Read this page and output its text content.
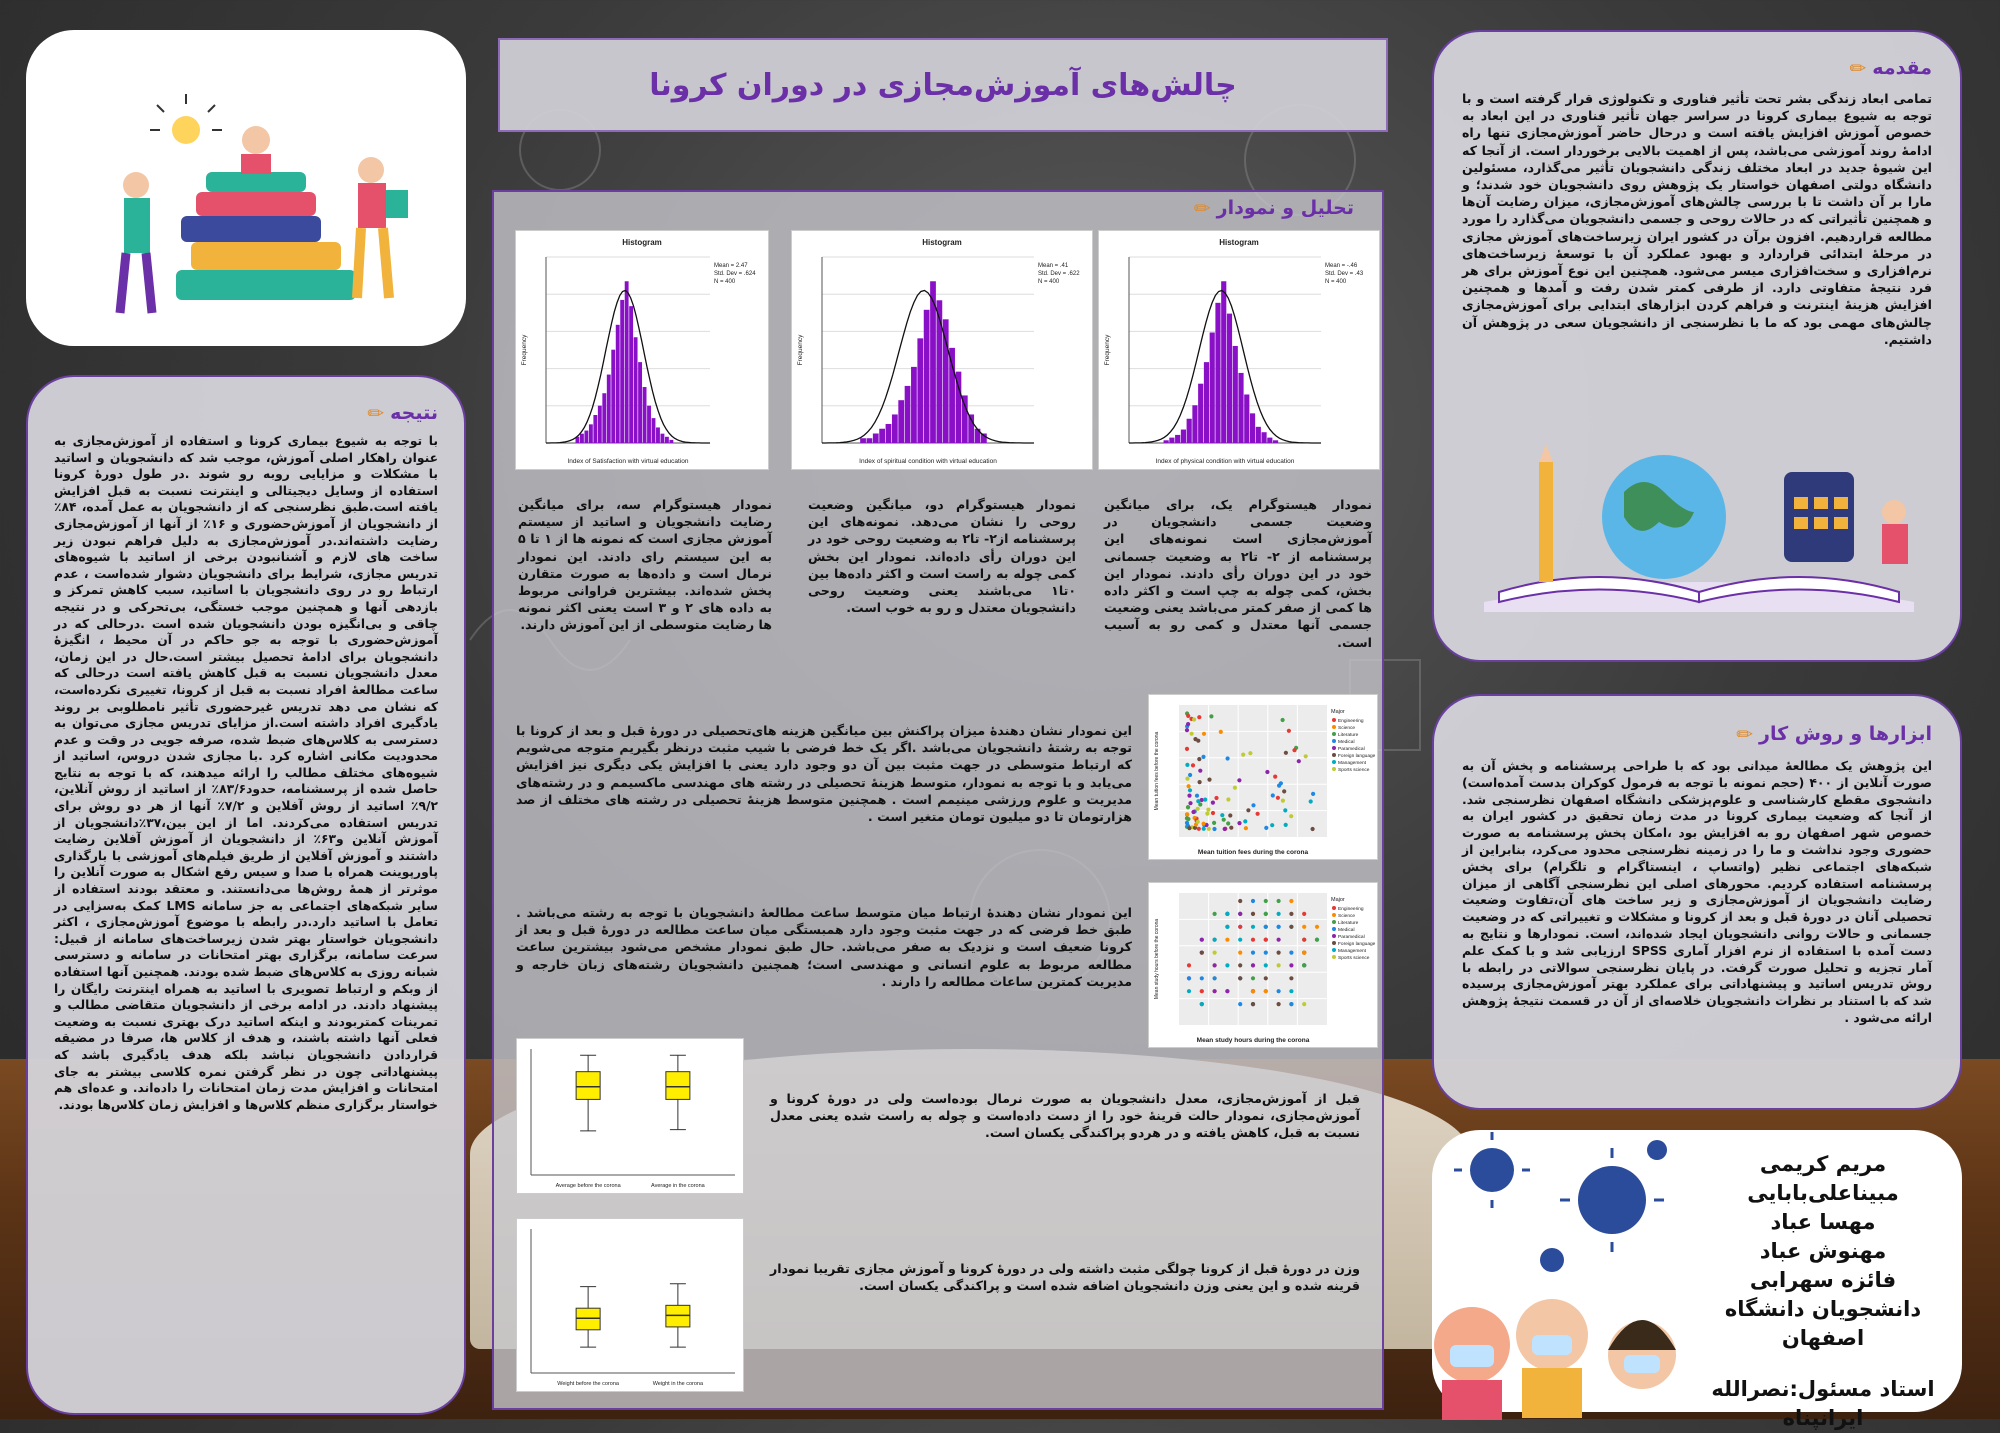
چالش‌های آموزش‌مجازی در دوران کرونا
نتیجه
✏

با توجه به شیوع بیماری کرونا و استفاده از آموزش‌مجازی به عنوان راهکار اصلی آموزش، موجب شد که دانشجویان و اساتید با مشکلات و مزایایی روبه رو شوند .در طول دورهٔ کرونا استفاده از وسایل دیجیتالی و اینترنت نسبت به قبل افزایش یافته است.طبق نظرسنجی که از دانشجویان به عمل آمده، ۸۴٪ از دانشجویان از آموزش‌حضوری و ۱۶٪ از آنها از آموزش‌مجازی رضایت داشته‌اند.در آموزش‌مجازی به دلیل فراهم نبودن زیر ساخت های لازم و آشنانبودن برخی از اساتید با شیوه‌های تدریس مجازی، شرایط برای دانشجویان دشوار شده‌است ، عدم ارتباط رو در روی دانشجویان با اساتید، سبب کاهش تمرکز و بازدهی آنها و همچنین موجب خستگی، بی‌تحرکی و در نتیجه چاقی و بی‌انگیزه بودن دانشجویان شده است .درحالی که در آموزش‌حضوری با توجه به جو حاکم در آن محیط ، انگیزهٔ دانشجویان برای ادامهٔ تحصیل بیشتر است.حال در این زمان، معدل دانشجویان نسبت به قبل کاهش یافته است درحالی که ساعت مطالعهٔ افراد نسبت به قبل از کرونا، تغییری نکرده‌است، که نشان می دهد تدریس غیرحضوری تأثیر نامطلوبی بر روند یادگیری افراد داشته است.از مزایای تدریس مجازی می‌توان به دسترسی به کلاس‌های ضبط شده، صرفه جویی در وقت و عدم محدودیت مکانی اشاره کرد .با مجازی شدن دروس، اساتید از شیوه‌های مختلف مطالب را ارائه میدهند، که با توجه به نتایج حاصل شده از پرسشنامه، حدود۸۳/۶٪ از اساتید از روش آنلاین، ۹/۲٪ اساتید از روش آفلاین و ۷/۲٪ آنها از هر دو روش برای تدریس استفاده می‌کردند. اما از این بین،۳۷٪دانشجویان از آموزش آنلاین و۶۳٪ از دانشجویان از آموزش آفلاین رضایت داشتند و آموزش آفلاین از طریق فیلم‌های آموزشی با بارگذاری پاورپوینت همراه با صدا و سیس رفع اشکال به صورت آنلاین را موثرتر از همهٔ روش‌ها می‌دانستند. و معتقد بودند استفاده از سایر شبکه‌های اجتماعی به جز سامانه LMS کمک به‌سزایی در تعامل با اساتید دارد.در رابطه با موضوع آموزش‌مجازی ، اکثر دانشجویان خواستار بهتر شدن زیرساخت‌های سامانه از قبیل: سرعت سامانه، برگزاری بهتر امتحانات در سامانه و دسترسی شبانه روزی به کلاس‌های ضبط شده بودند. همچنین آنها استفاده از وبکم و ارتباط تصویری با اساتید به همراه اینترنت رایگان را پیشنهاد دادند. در ادامه برخی از دانشجویان متقاضی مطالب و تمرینات کمتربودند و اینکه اساتید درک بهتری نسبت به وضعیت فعلی آنها داشته باشند، و هدف از کلاس ها، صرفا در مضیقه قراردادن دانشجویان نباشد بلکه هدف یادگیری باشد که پیشنهاداتی چون در نظر گرفتن نمره کلاسی بیشتر به جای امتحانات و افزایش مدت زمان امتحانات را داده‌اند. و عده‌ای هم خواستار برگزاری منظم کلاس‌ها و افزایش زمان کلاس‌ها بودند.

مقدمه
✏

تمامی ابعاد زندگی بشر تحت تأثیر فناوری و تکنولوژی قرار گرفته است و با توجه به شیوع بیماری کرونا در سراسر جهان تأثیر فناوری در این ابعاد به خصوص آموزش افزایش یافته است و درحال حاضر آموزش‌مجازی تنها راه ادامهٔ روند آموزشی می‌باشد، پس از اهمیت بالایی برخوردار است. از آنجا که این شیوهٔ جدید در ابعاد مختلف زندگی دانشجویان تأثیر می‌گذارد، مسئولین دانشگاه دولتی اصفهان خواستار یک پژوهش روی دانشجویان خود شدند؛ و مارا بر آن داشت تا با بررسی چالش‌های آموزش‌مجازی، میزان رضایت آن‌ها و همچنین تأثیراتی که در حالات روحی و جسمی دانشجویان می‌گذارد را مورد مطالعه قراردهیم. افزون برآن در کشور ایران زیرساخت‌های آموزش مجازی در مرحلهٔ ابتدائی قراردارد و بهبود عملکرد آن با توسعهٔ زیرساخت‌های نرم‌افزاری و سخت‌افزاری میسر می‌شود. همچنین این نوع آموزش برای هر فرد نتیجهٔ متفاوتی دارد. از طرفی کمتر شدن رفت و آمدها و همچنین افزایش هزینهٔ اینترنت و فراهم کردن ابزارهای ابتدایی برای آموزش‌مجازی چالش‌های مهمی بود که ما با نظرسنجی از دانشجویان سعی در پژوهش آن داشتیم.

ابزارها و روش کار
✏

این پژوهش یک مطالعهٔ میدانی بود که با طراحی پرسشنامه و پخش آن به صورت آنلاین از ۴۰۰ (حجم نمونه با توجه به فرمول کوکران بدست آمده‌است) دانشجوی مقطع کارشناسی و علوم‌پزشکی دانشگاه اصفهان نظرسنجی شد. از آنجا که وضعیت بیماری کرونا در مدت زمان تحقیق در کشور ایران به خصوص شهر اصفهان رو به افزایش بود ،امکان پخش پرسشنامه به صورت حضوری وجود نداشت و ما را در زمینه نظرسنجی محدود می‌کرد، بنابراین از شبکه‌های اجتماعی نظیر (واتساپ ، اینستاگرام و تلگرام) برای پخش پرسشنامه استفاده کردیم. محورهای اصلی این نظرسنجی آگاهی از میزان رضایت دانشجویان از آموزش‌مجازی و زیر ساخت های آن،تفاوت وضعیت تحصیلی آنان در دورهٔ قبل و بعد از کرونا و مشکلات و تغییراتی که در وضعیت جسمانی و حالات روانی دانشجویان ایجاد شده‌اند، است. نمودارها و نتایج به دست آمده با استفاده از نرم افزار آماری SPSS ارزیابی شد و با کمک علم آمار تجزیه و تحلیل صورت گرفت. در پایان نظرسنجی سوالاتی در رابطه با روش تدریس اساتید و پیشنهاداتی برای عملکرد بهتر آموزش‌مجازی پرسیده شد که با استناد بر نظرات دانشجویان خلاصه‌ای از آن در قسمت نتیجهٔ پژوهش ارائه می‌شود .

مریم کریمی
مبیناعلی‌بابایی
مهسا عباد
مهنوش عباد
فائزه سهرابی
دانشجویان دانشگاه اصفهان
استاد مسئول:نصرالله ایرانپناه
تحلیل و نمودار
✏
Histogram
Mean = -.46
Std. Dev = .43
N = 400
Index of physical condition with virtual education
Frequency
Histogram
Mean = .41
Std. Dev = .622
N = 400
Index of spiritual condition with virtual education
Frequency
Histogram
Mean = 2.47
Std. Dev = .624
N = 400
Index of Satisfaction with virtual education
Frequency

نمودار هیستوگرام یک، برای میانگین وضعیت جسمی دانشجویان در آموزش‌مجازی است نمونه‌های این پرسشنامه از ۲- تا۲ به وضعیت جسمانی خود در این دوران رأی دادند. نمودار این بخش، کمی چوله به چپ است و اکثر داده ها کمی از صفر کمتر می‌باشد یعنی وضعیت جسمی آنها معتدل و کمی رو به آسیب است.

نمودار هیستوگرام دو، میانگین وضعیت روحی را نشان می‌دهد. نمونه‌های این پرسشنامه از۲- تا۲ به وضعیت روحی خود در این دوران رأی داده‌اند. نمودار این بخش کمی چوله به راست است و اکثر داده‌ها بین ۰تا۱ می‌باشند یعنی وضعیت روحی دانشجویان معتدل و رو به خوب است.

نمودار هیستوگرام سه، برای میانگین رضایت دانشجویان و اساتید از سیستم آموزش مجازی است که نمونه ها از ۱ تا ۵ به این سیستم رای دادند. این نمودار نرمال است و داده‌ها به صورت متقارن پخش شده‌اند. بیشترین فراوانی مربوط به داده های ۲ و ۳ است یعنی اکثر نمونه ها رضایت متوسطی از این آموزش دارند.

Major
Engineering
Science
Literature
Medical
Paramedical
Foreign language
Management
Sports science
Mean tuition fees during the corona
Mean tuition fees before the corona

این نمودار نشان دهندهٔ میزان پراکنش بین میانگین هزینه های‌تحصیلی در دورهٔ قبل و بعد از کرونا با توجه به رشتهٔ دانشجویان می‌باشد .اگر یک خط فرضی با شیب مثبت درنظر بگیریم متوجه می‌شویم که ارتباط متوسطی در جهت مثبت بین آن دو وجود دارد یعنی با افزایش یکی دیگری نیز افزایش می‌یابد و با توجه به نمودار، متوسط هزینهٔ تحصیلی در رشته های مهندسی ماکسیمم و در رشته‌های مدیریت و علوم ورزشی مینیمم است . همچنین متوسط هزینهٔ تحصیلی در رشته های مختلف از صد هزارتومان تا دو میلیون تومان متغیر است .

Major
Engineering
Science
Literature
Medical
Paramedical
Foreign language
Management
Sports science
Mean study hours during the corona
Mean study hours before the corona

این نمودار نشان دهندهٔ ارتباط میان متوسط ساعت مطالعهٔ دانشجویان با توجه به رشته می‌باشد . طبق خط فرضی که در جهت مثبت وجود دارد همبستگی میان ساعت مطالعه در دورهٔ قبل و بعد از کرونا ضعیف است و نزدیک به صفر می‌باشد. حال طبق نمودار مشخص می‌شود بیشترین ساعت مطالعه مربوط به علوم انسانی و مهندسی است؛ همچنین دانشجویان رشته‌های زبان خارجه و مدیریت کمترین ساعات مطالعه را دارند .

Average before the corona	Average in the corona

قبل از آموزش‌مجازی، معدل دانشجویان به صورت نرمال بوده‌است ولی در دورهٔ کرونا و آموزش‌مجازی، نمودار حالت قرینهٔ خود را از دست داده‌است و چوله به راست شده یعنی معدل نسبت به قبل، کاهش یافته و در هردو پراکندگی یکسان است.

Weight before the corona	Weight in the corona

وزن در دورهٔ قبل از کرونا چولگی مثبت داشته ولی در دورهٔ کرونا و آموزش مجازی تقریبا نمودار قرینه شده و این یعنی وزن دانشجویان اضافه شده است و پراکندگی یکسان است.
